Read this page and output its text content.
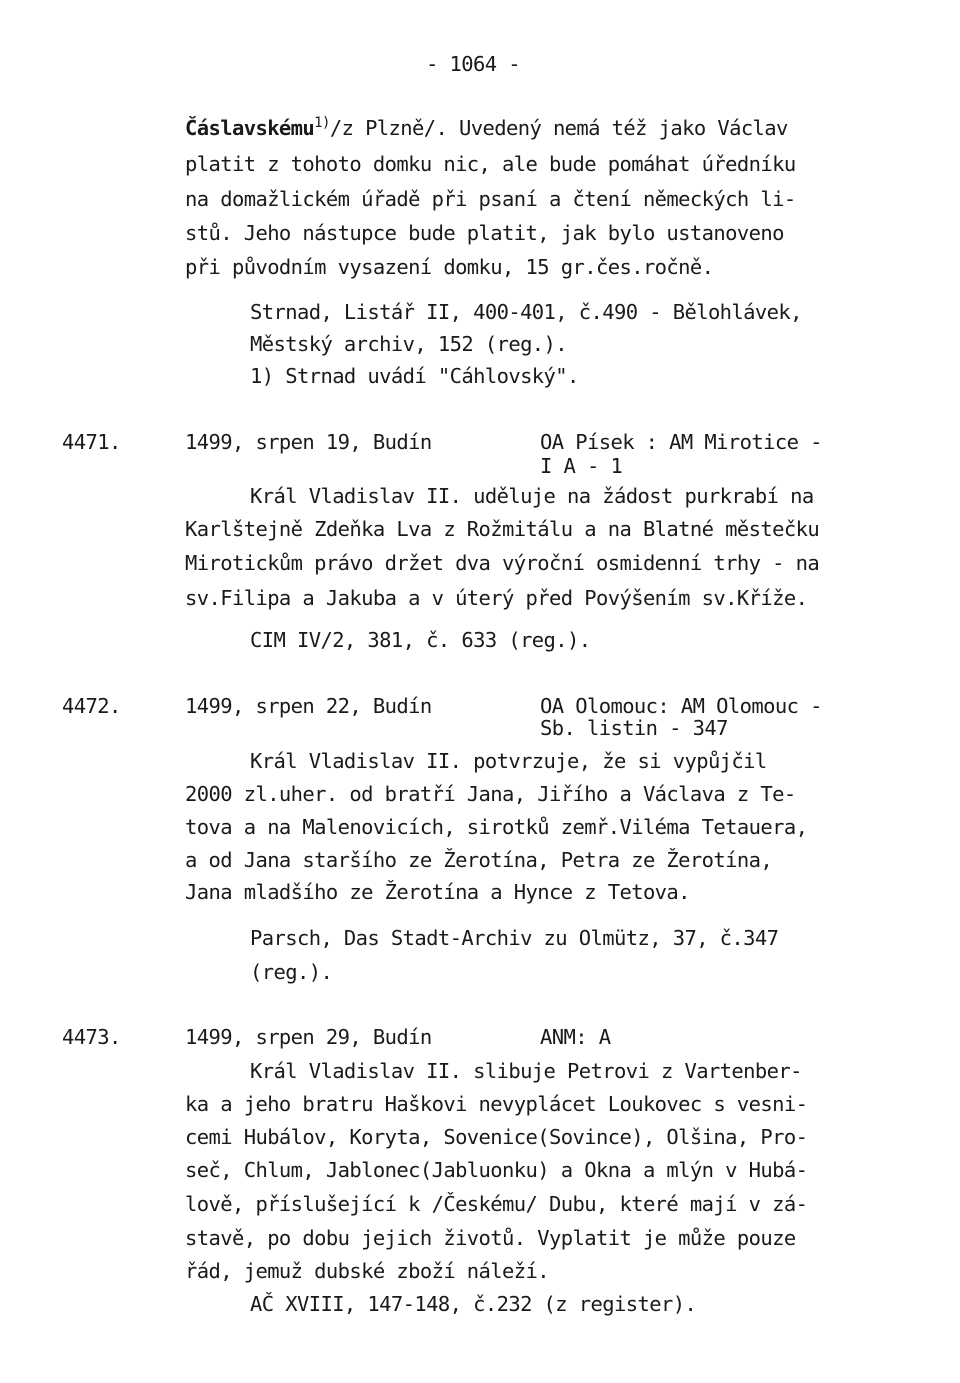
- 1064 -
Čáslavskému$^{1)}$/z Plzně/. Uvedený nemá též jako Václav
platit z tohoto domku nic, ale bude pomáhat úředníku
na domažlickém úřadě při psaní a čtení německých li-
stů. Jeho nástupce bude platit, jak bylo ustanoveno
při původním vysazení domku, 15 gr.čes.ročně.
Strnad, Listář II, 400-401, č.490 - Bělohlávek,
Městský archiv, 152 (reg.).
1) Strnad uvádí "Cáhlovský".
4471.	1499, srpen 19, Budín	OA Písek : AM Mirotice -
I A - 1
Král Vladislav II. uděluje na žádost purkrabí na
Karlštejně Zdeňka Lva z Rožmitálu a na Blatné městečku
Mirotickům právo držet dva výroční osmidenní trhy - na
sv.Filipa a Jakuba a v úterý před Povýšením sv.Kříže.
CIM IV/2, 381, č. 633 (reg.).
4472.	1499, srpen 22, Budín	OA Olomouc: AM Olomouc -
Sb. listin - 347
Král Vladislav II. potvrzuje, že si vypůjčil
2000 zl.uher. od bratří Jana, Jiřího a Václava z Te-
tova a na Malenovicích, sirotků zemř.Viléma Tetauera,
a od Jana staršího ze Žerotína, Petra ze Žerotína,
Jana mladšího ze Žerotína a Hynce z Tetova.
Parsch, Das Stadt-Archiv zu Olmütz, 37, č.347
(reg.).
4473.	1499, srpen 29, Budín	ANM: A
Král Vladislav II. slibuje Petrovi z Vartenber-
ka a jeho bratru Haškovi nevyplácet Loukovec s vesni-
cemi Hubálov, Koryta, Sovenice(Sovince), Olšina, Pro-
seč, Chlum, Jablonec(Jabluonku) a Okna a mlýn v Hubá-
lově, příslušející k /Českému/ Dubu, které mají v zá-
stavě, po dobu jejich životů. Vyplatit je může pouze
řád, jemuž dubské zboží náleží.
AČ XVIII, 147-148, č.232 (z register).
